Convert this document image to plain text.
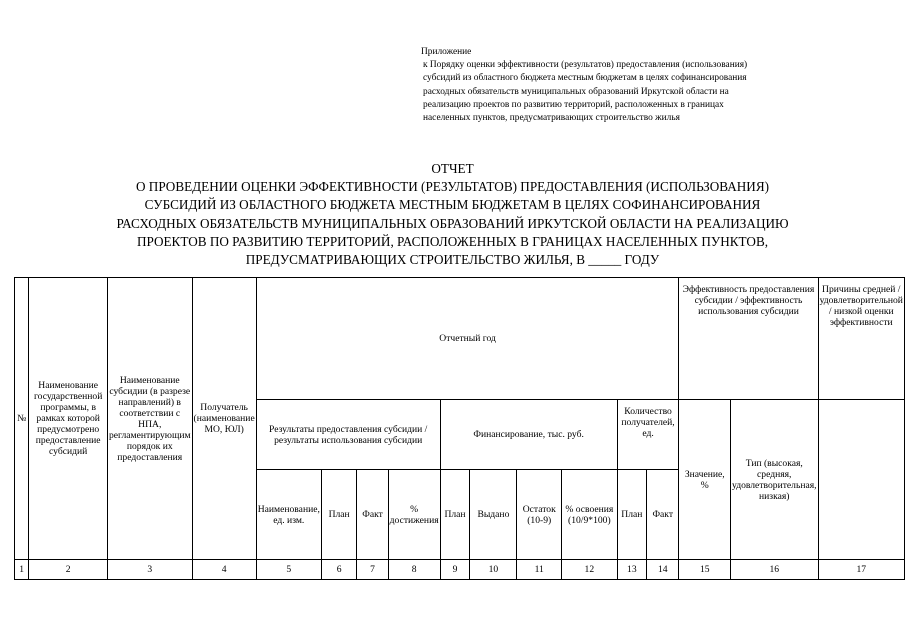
Приложение
к Порядку оценки эффективности (результатов) предоставления (использования)
субсидий из областного бюджета местным бюджетам в целях софинансирования
расходных обязательств муниципальных образований Иркутской области на
реализацию проектов по развитию территорий, расположенных в границах
населенных пунктов, предусматривающих строительство жилья
ОТЧЕТ
О ПРОВЕДЕНИИ ОЦЕНКИ ЭФФЕКТИВНОСТИ (РЕЗУЛЬТАТОВ) ПРЕДОСТАВЛЕНИЯ (ИСПОЛЬЗОВАНИЯ)
СУБСИДИЙ ИЗ ОБЛАСТНОГО БЮДЖЕТА МЕСТНЫМ БЮДЖЕТАМ В ЦЕЛЯХ СОФИНАНСИРОВАНИЯ
РАСХОДНЫХ ОБЯЗАТЕЛЬСТВ МУНИЦИПАЛЬНЫХ ОБРАЗОВАНИЙ ИРКУТСКОЙ ОБЛАСТИ НА РЕАЛИЗАЦИЮ
ПРОЕКТОВ ПО РАЗВИТИЮ ТЕРРИТОРИЙ, РАСПОЛОЖЕННЫХ В ГРАНИЦАХ НАСЕЛЕННЫХ ПУНКТОВ,
ПРЕДУСМАТРИВАЮЩИХ СТРОИТЕЛЬСТВО ЖИЛЬЯ, В _____ ГОДУ
№	Наименование государственной программы, в рамках которой предусмотрено предоставление субсидий	Наименование субсидии (в разрезе направлений) в соответствии с НПА, регламентирующим порядок их предоставления	Получатель (наименование МО, ЮЛ)	Отчетный год										Эффективность предоставления субсидии / эффективность использования субсидии		Причины средней / удовлетворительной / низкой оценки эффективности
				Результаты предоставления субсидии / результаты использования субсидии				Финансирование, тыс. руб.				Количество получателей, ед.		Значение, %	Тип (высокая, средняя, удовлетворительная, низкая)	
				Наименование, ед. изм.	План	Факт	% достижения	План	Выдано	Остаток (10-9)	% освоения (10/9*100)	План	Факт			
1	2	3	4	5	6	7	8	9	10	11	12	13	14	15	16	17
